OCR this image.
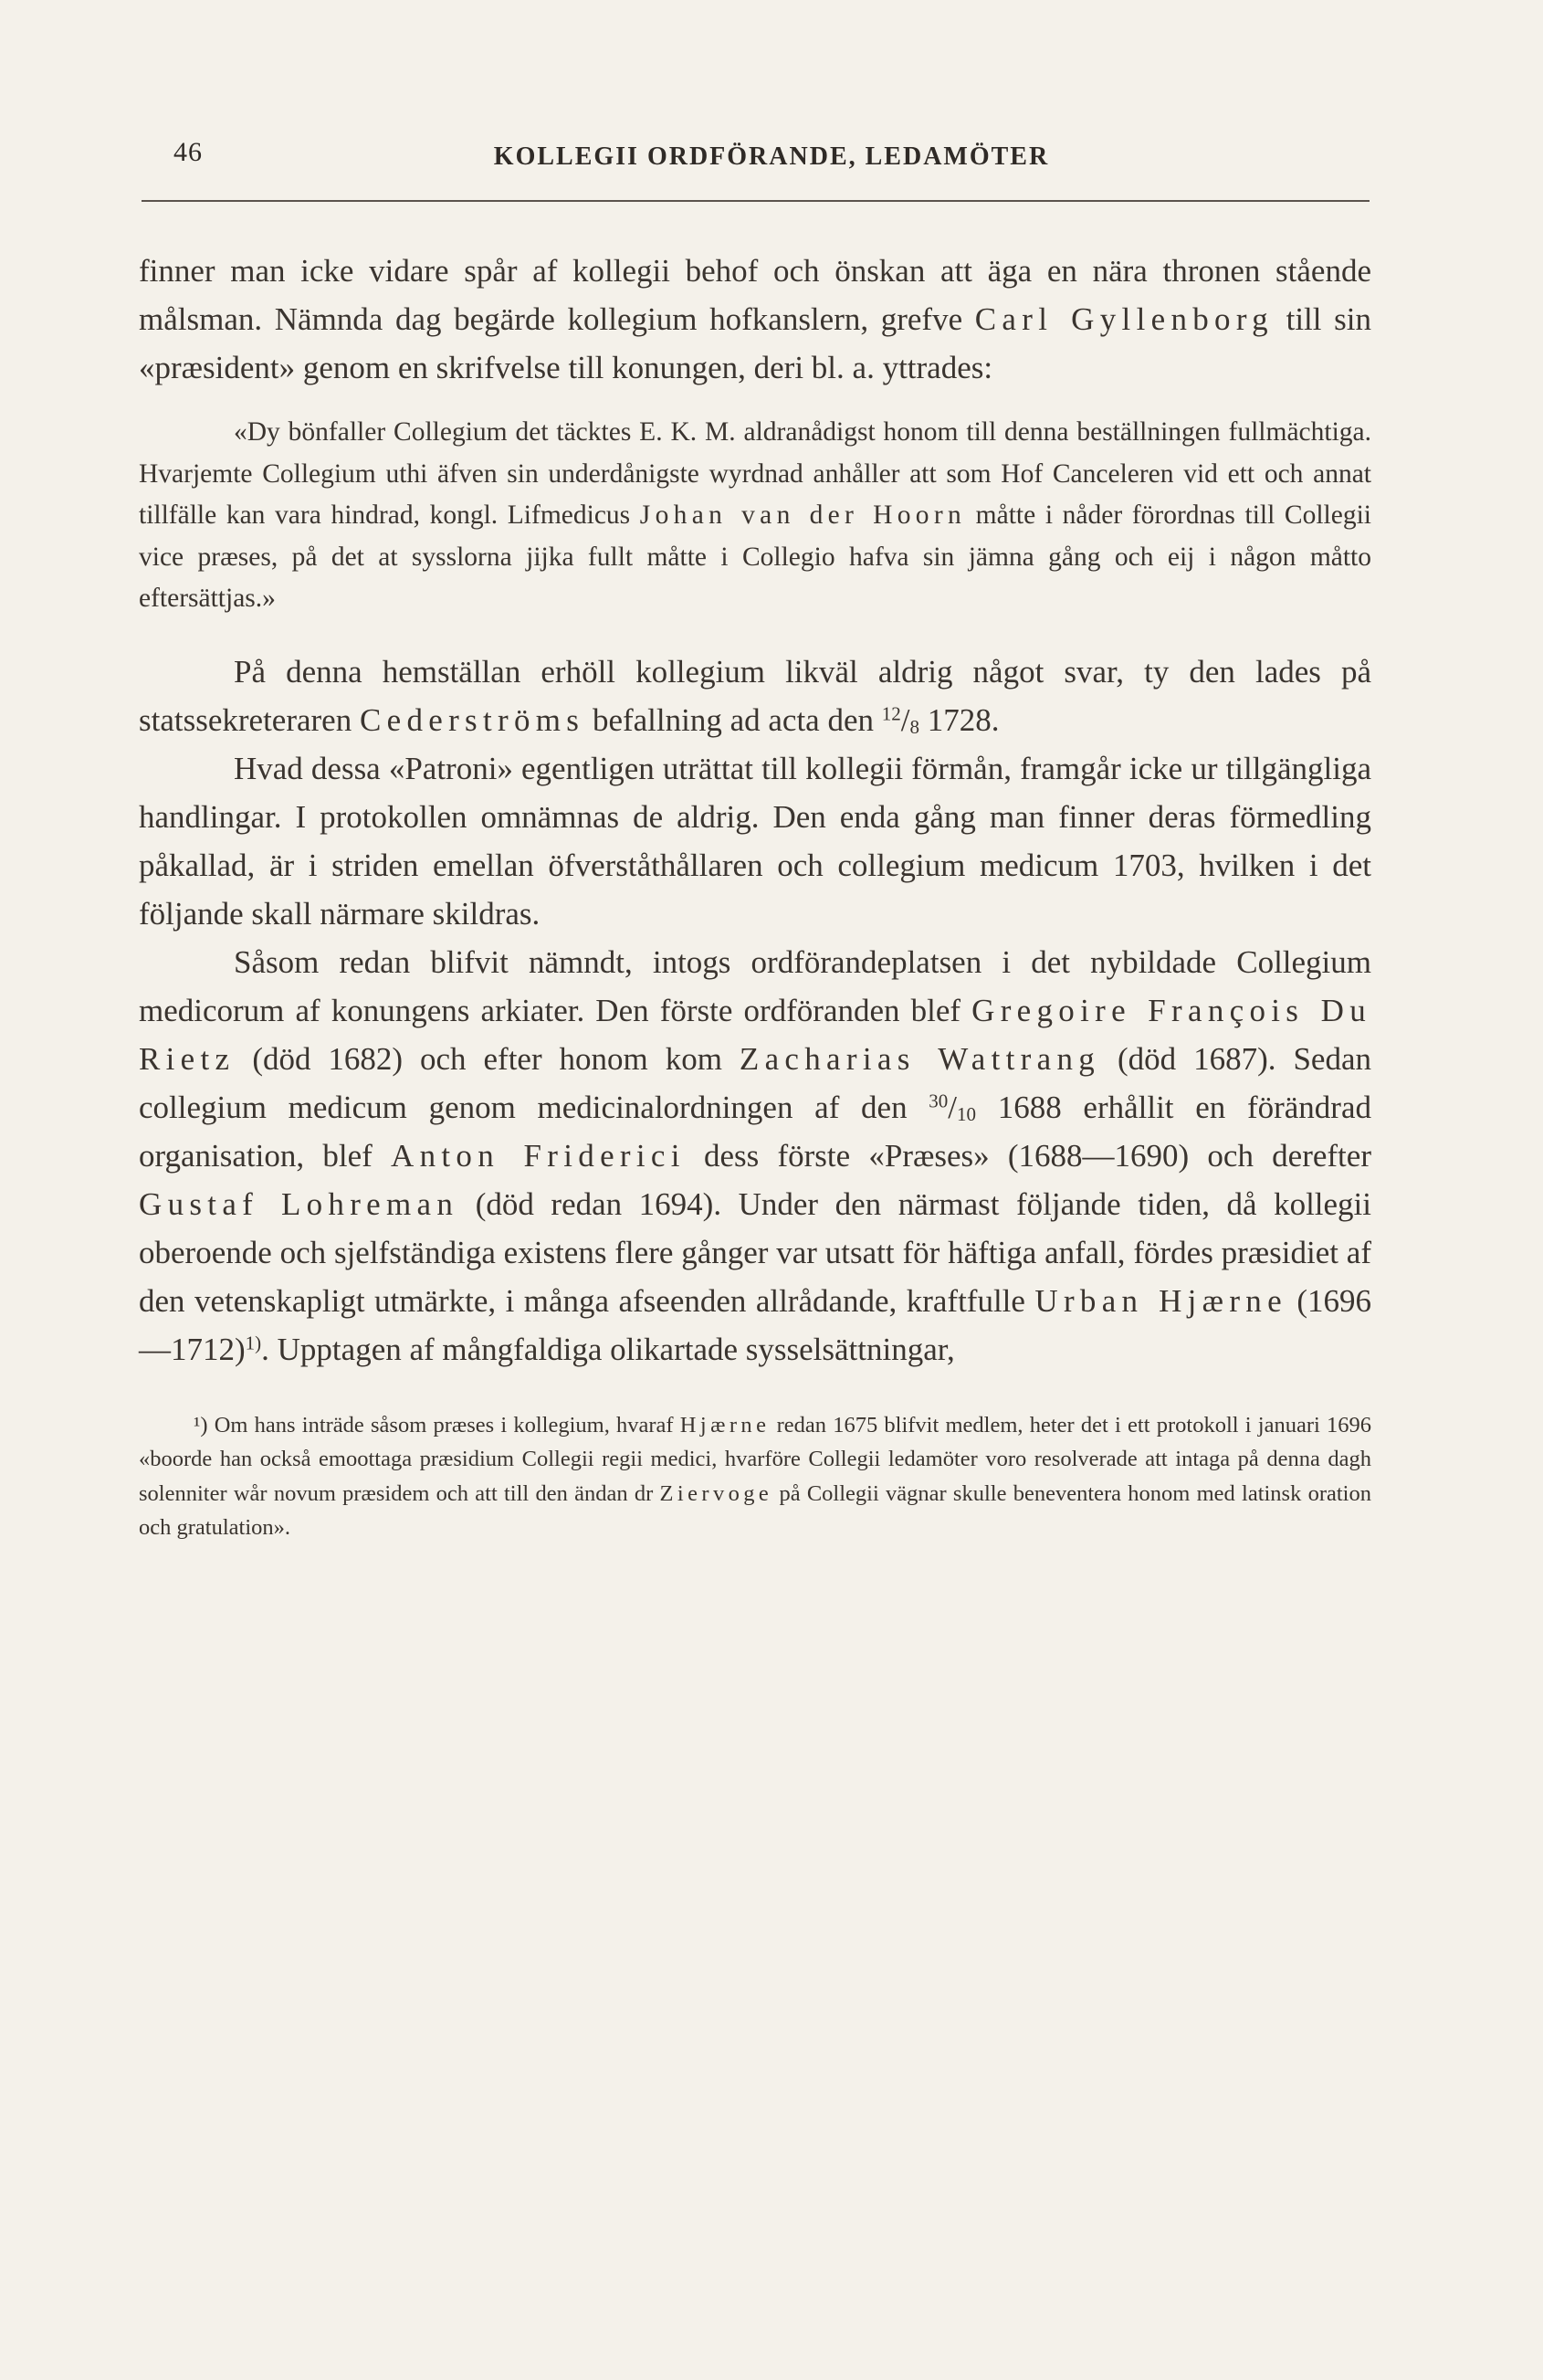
46	KOLLEGII ORDFÖRANDE, LEDAMÖTER

finner man icke vidare spår af kollegii behof och önskan att äga en nära thronen stående målsman. Nämnda dag begärde kollegium hofkanslern, grefve Carl Gyllenborg till sin «præsident» genom en skrifvelse till konungen, deri bl. a. yttrades:

«Dy bönfaller Collegium det täcktes E. K. M. aldranådigst honom till denna beställningen fullmächtiga. Hvarjemte Collegium uthi äfven sin underdånigste wyrdnad anhåller att som Hof Canceleren vid ett och annat tillfälle kan vara hindrad, kongl. Lifmedicus Johan van der Hoorn måtte i nåder förordnas till Collegii vice præses, på det at sysslorna jijka fullt måtte i Collegio hafva sin jämna gång och eij i någon måtto eftersättjas.»

På denna hemställan erhöll kollegium likväl aldrig något svar, ty den lades på statssekreteraren Cederströms befallning ad acta den $^{12}/_8$ 1728.

Hvad dessa «Patroni» egentligen uträttat till kollegii förmån, framgår icke ur tillgängliga handlingar. I protokollen omnämnas de aldrig. Den enda gång man finner deras förmedling påkallad, är i striden emellan öfverståthållaren och collegium medicum 1703, hvilken i det följande skall närmare skildras.

Såsom redan blifvit nämndt, intogs ordförandeplatsen i det nybildade Collegium medicorum af konungens arkiater. Den förste ordföranden blef Gregoire François Du Rietz (död 1682) och efter honom kom Zacharias Wattrang (död 1687). Sedan collegium medicum genom medicinalordningen af den $^{30}/_{10}$ 1688 erhållit en förändrad organisation, blef Anton Friderici dess förste «Præses» (1688—1690) och derefter Gustaf Lohreman (död redan 1694). Under den närmast följande tiden, då kollegii oberoende och sjelfständiga existens flere gånger var utsatt för häftiga anfall, fördes præsidiet af den vetenskapligt utmärkte, i många afseenden allrådande, kraftfulle Urban Hjærne (1696—1712)$^{1)}$. Upptagen af mångfaldiga olikartade sysselsättningar,

¹) Om hans inträde såsom præses i kollegium, hvaraf Hjærne redan 1675 blifvit medlem, heter det i ett protokoll i januari 1696 «boorde han också emoottaga præsidium Collegii regii medici, hvarföre Collegii ledamöter voro resolverade att intaga på denna dagh solenniter wår novum præsidem och att till den ändan dr Ziervoge på Collegii vägnar skulle beneventera honom med latinsk oration och gratulation».
